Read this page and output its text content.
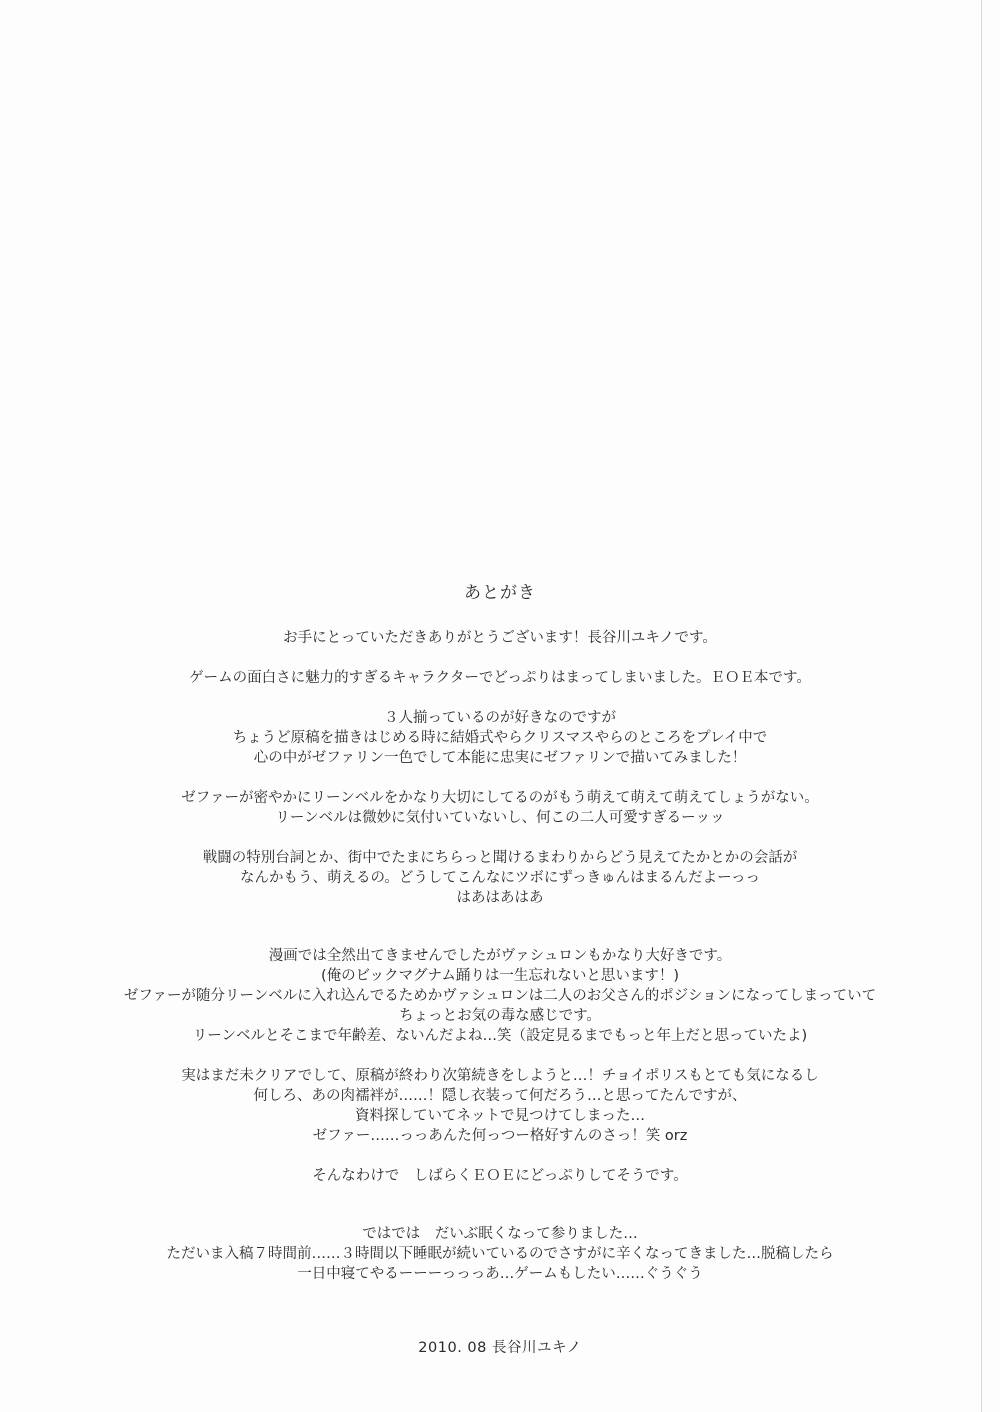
あとがき

お手にとっていただきありがとうございます！長谷川ユキノです。

ゲームの面白さに魅力的すぎるキャラクターでどっぷりはまってしまいました。ＥＯＥ本です。

３人揃っているのが好きなのですが
ちょうど原稿を描きはじめる時に結婚式やらクリスマスやらのところをプレイ中で
心の中がゼファリン一色でして本能に忠実にゼファリンで描いてみました！

ゼファーが密やかにリーンベルをかなり大切にしてるのがもう萌えて萌えて萌えてしょうがない。
リーンベルは微妙に気付いていないし、何この二人可愛すぎるーッッ

戦闘の特別台詞とか、街中でたまにちらっと聞けるまわりからどう見えてたかとかの会話が
なんかもう、萌えるの。どうしてこんなにツボにずっきゅんはまるんだよーっっ
はあはあはあ

漫画では全然出てきませんでしたがヴァシュロンもかなり大好きです。
(俺のビックマグナム踊りは一生忘れないと思います！)
ゼファーが随分リーンベルに入れ込んでるためかヴァシュロンは二人のお父さん的ポジションになってしまっていて
ちょっとお気の毒な感じです。
リーンベルとそこまで年齢差、ないんだよね…笑（設定見るまでもっと年上だと思っていたよ)

実はまだ未クリアでして、原稿が終わり次第続きをしようと…！チョイポリスもとても気になるし
何しろ、あの肉襦袢が……！隠し衣装って何だろう…と思ってたんですが、
資料探していてネットで見つけてしまった…
ゼファー……っっあんた何っつー格好すんのさっ！笑 orz

そんなわけで　しばらくＥＯＥにどっぷりしてそうです。

ではでは　だいぶ眠くなって参りました…
ただいま入稿７時間前……３時間以下睡眠が続いているのでさすがに辛くなってきました…脱稿したら
一日中寝てやるーーーっっっあ…ゲームもしたい……ぐうぐう

2010. 08 長谷川ユキノ
